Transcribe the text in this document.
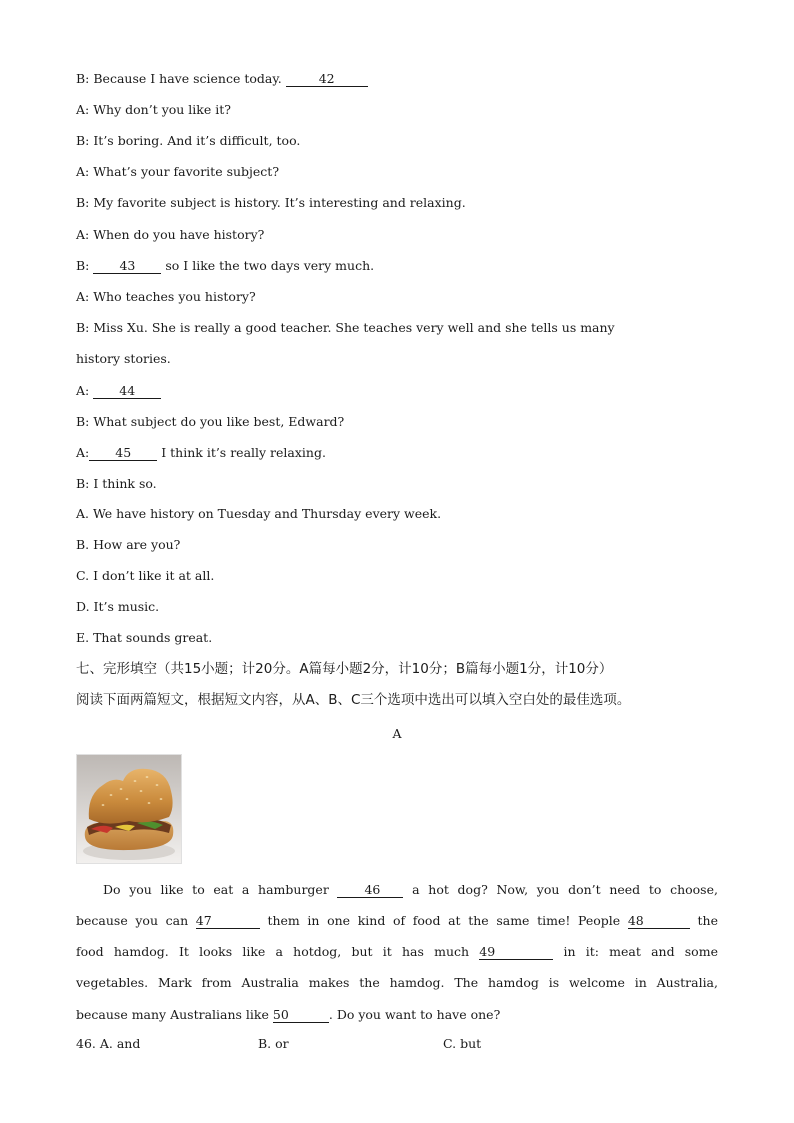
B: Because I have science today.	42
A: Why don’t you like it?
B: It’s boring. And it’s difficult, too.
A: What’s your favorite subject?
B: My favorite subject is history. It’s interesting and relaxing.
A: When do you have history?
B: 43 so I like the two days very much.
A: Who teaches you history?
B: Miss Xu. She is really a good teacher. She teaches very well and she tells us many
history stories.
A: 44
B: What subject do you like best, Edward?
A: 45 I think it’s really relaxing.
B: I think so.
A. We have history on Tuesday and Thursday every week.
B. How are you?
C. I don’t like it at all.
D. It’s music.
E. That sounds great.
七、完形填空（共15小题；计20分。A篇每小题2分，计10分；B篇每小题1分，计10分）
阅读下面两篇短文，根据短文内容，从A、B、C三个选项中选出可以填入空白处的最佳选项。
A
Do you like to eat a hamburger	46	a hot dog? Now, you don’t need to choose,
because you can 47	them in one kind of food at the same time! People 48	the
food hamdog. It looks like a hotdog, but it has much 49	in it: meat and some
vegetables. Mark from Australia makes the hamdog. The hamdog is welcome in Australia,
because many Australians like 50	. Do you want to have one?

46. A. and

	B. or

	C. but
